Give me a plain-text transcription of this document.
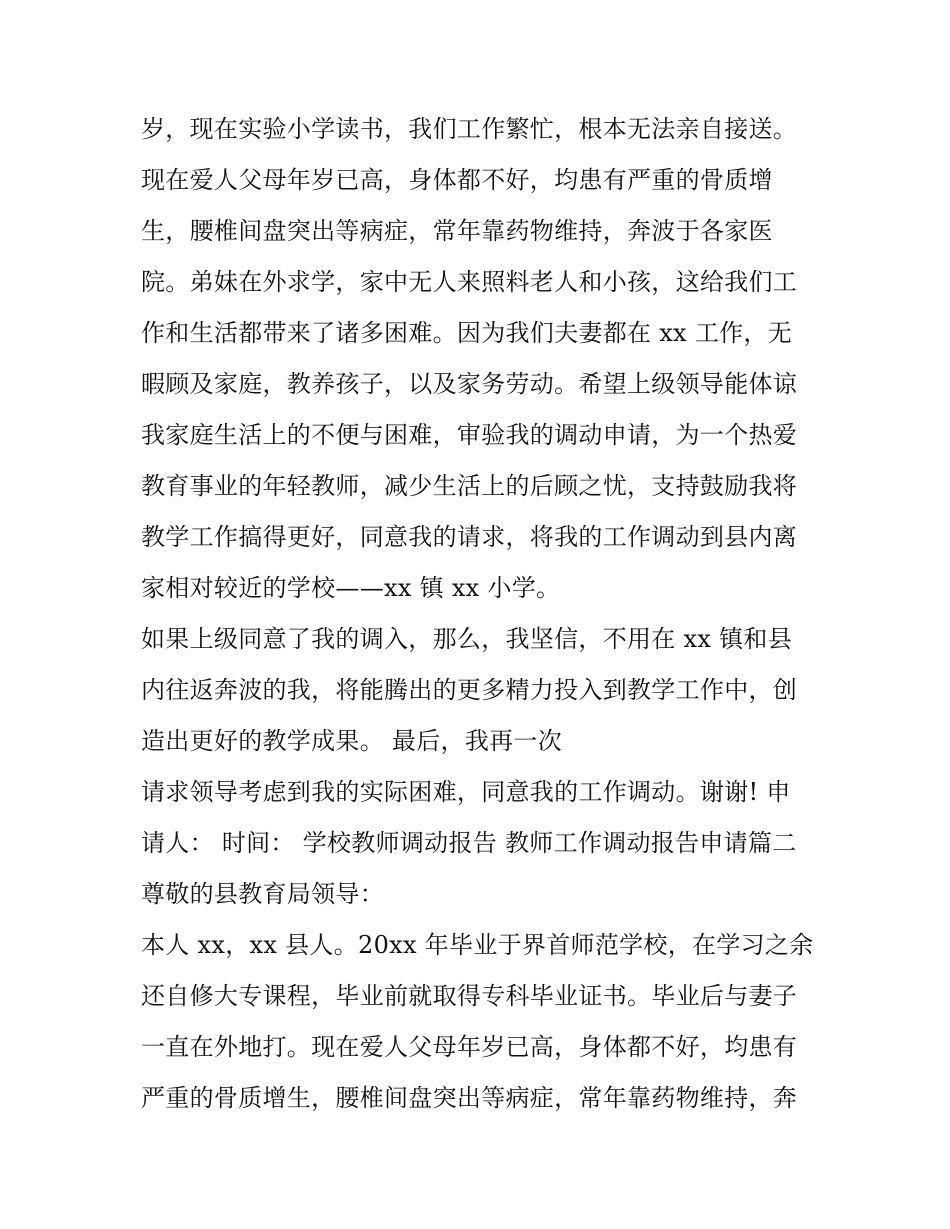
岁，现在实验小学读书，我们工作繁忙，根本无法亲自接送。
现在爱人父母年岁已高，身体都不好，均患有严重的骨质增
生，腰椎间盘突出等病症，常年靠药物维持，奔波于各家医
院。弟妹在外求学，家中无人来照料老人和小孩，这给我们工
作和生活都带来了诸多困难。因为我们夫妻都在 xx 工作，无
暇顾及家庭，教养孩子，以及家务劳动。希望上级领导能体谅
我家庭生活上的不便与困难，审验我的调动申请，为一个热爱
教育事业的年轻教师，减少生活上的后顾之忧，支持鼓励我将
教学工作搞得更好，同意我的请求，将我的工作调动到县内离
家相对较近的学校——xx 镇 xx 小学。
如果上级同意了我的调入，那么，我坚信，不用在 xx 镇和县
内往返奔波的我，将能腾出的更多精力投入到教学工作中，创
造出更好的教学成果。 最后，我再一次
请求领导考虑到我的实际困难，同意我的工作调动。谢谢! 申
请人： 时间： 学校教师调动报告 教师工作调动报告申请篇二
尊敬的县教育局领导：
本人 xx，xx 县人。20xx 年毕业于界首师范学校，在学习之余
还自修大专课程，毕业前就取得专科毕业证书。毕业后与妻子
一直在外地打。现在爱人父母年岁已高，身体都不好，均患有
严重的骨质增生，腰椎间盘突出等病症，常年靠药物维持，奔
